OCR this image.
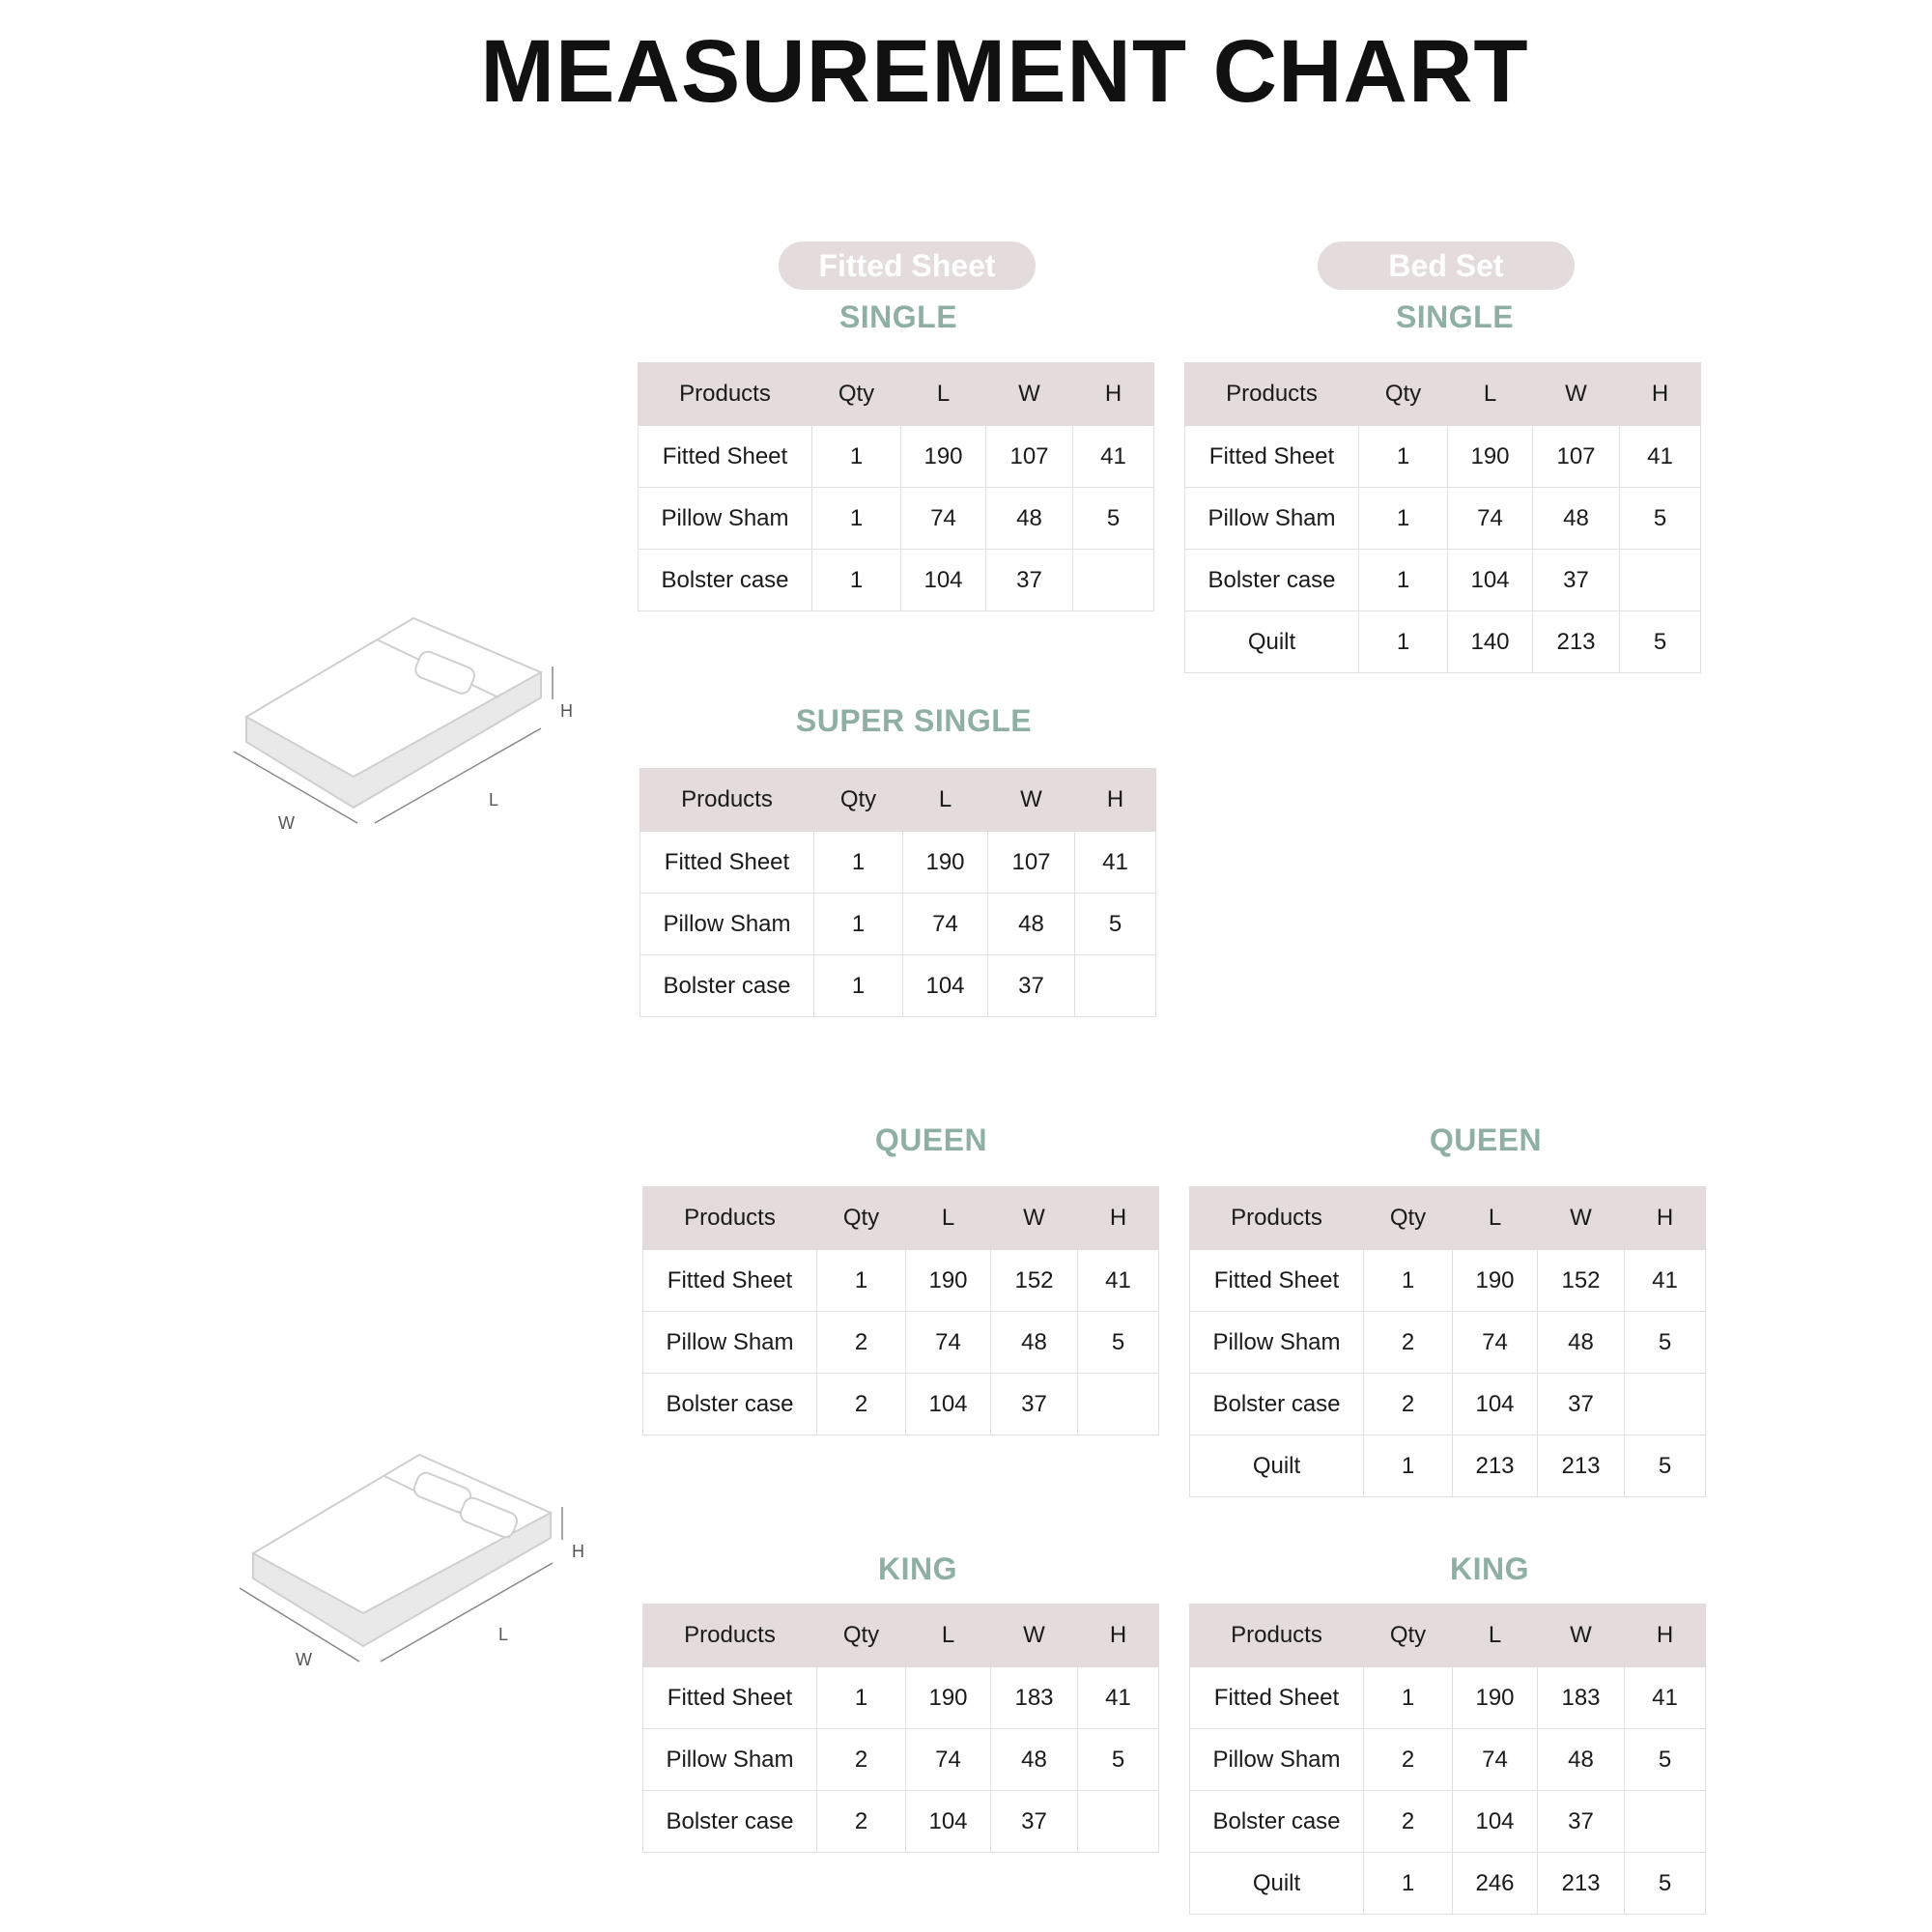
MEASUREMENT CHART
Fitted Sheet	Bed Set
SINGLE	SINGLE
SUPER SINGLE
QUEEN	QUEEN
KING	KING
Products	Qty	L	W	H
Fitted Sheet	1	190	107	41
Pillow Sham	1	74	48	5
Bolster case	1	104	37	
Products	Qty	L	W	H
Fitted Sheet	1	190	107	41
Pillow Sham	1	74	48	5
Bolster case	1	104	37	
Quilt	1	140	213	5
Products	Qty	L	W	H
Fitted Sheet	1	190	107	41
Pillow Sham	1	74	48	5
Bolster case	1	104	37	
Products	Qty	L	W	H
Fitted Sheet	1	190	152	41
Pillow Sham	2	74	48	5
Bolster case	2	104	37	
Products	Qty	L	W	H
Fitted Sheet	1	190	152	41
Pillow Sham	2	74	48	5
Bolster case	2	104	37	
Quilt	1	213	213	5
Products	Qty	L	W	H
Fitted Sheet	1	190	183	41
Pillow Sham	2	74	48	5
Bolster case	2	104	37	
Products	Qty	L	W	H
Fitted Sheet	1	190	183	41
Pillow Sham	2	74	48	5
Bolster case	2	104	37	
Quilt	1	246	213	5
H
L
W
H
L
W
